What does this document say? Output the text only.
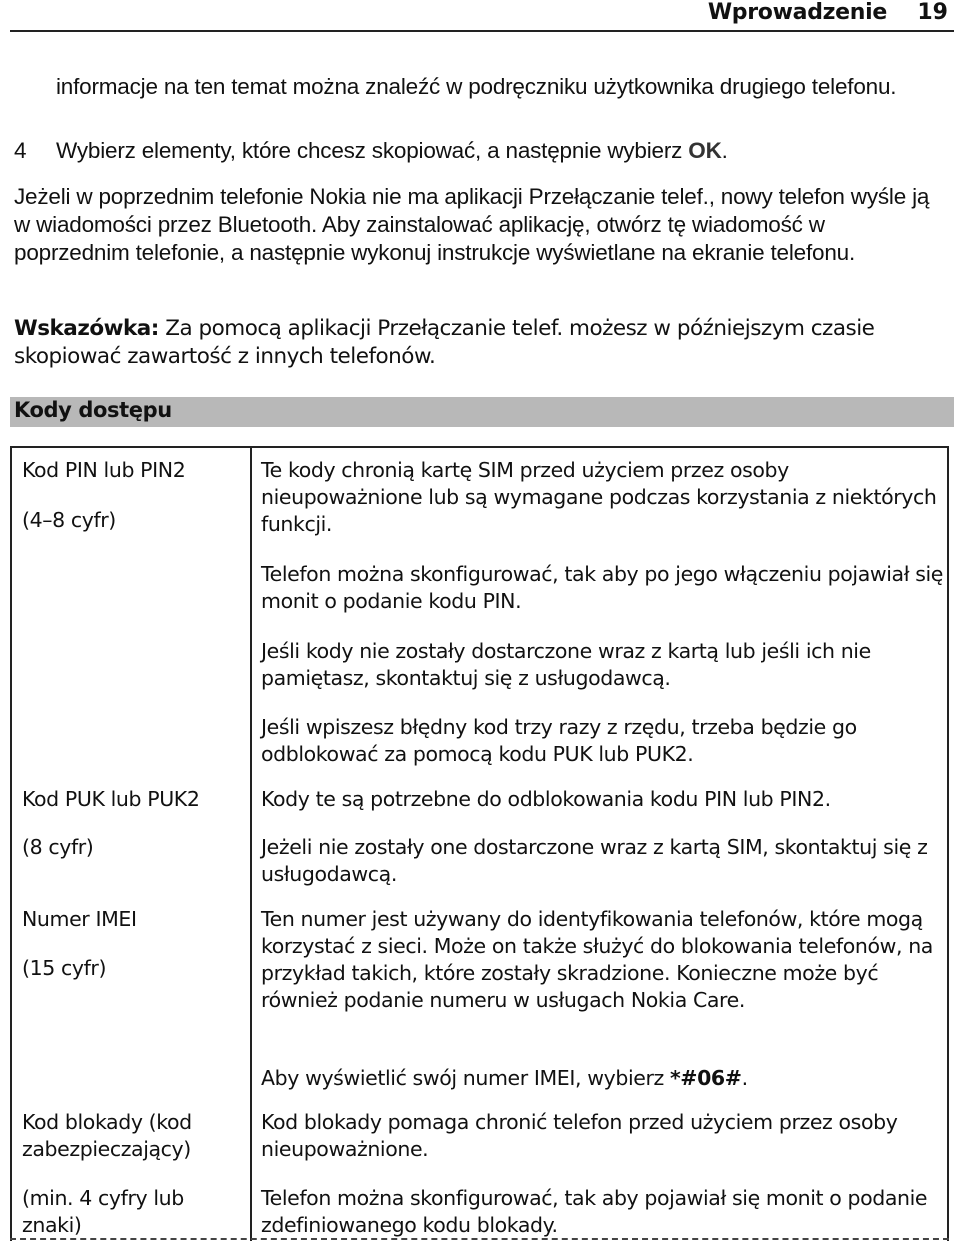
Wprowadzenie 19
informacje na ten temat można znaleźć w podręczniku użytkownika drugiego telefonu.
4 Wybierz elementy, które chcesz skopiować, a następnie wybierz OK.
Jeżeli w poprzednim telefonie Nokia nie ma aplikacji Przełączanie telef., nowy telefon wyśle ją w wiadomości przez Bluetooth. Aby zainstalować aplikację, otwórz tę wiadomość w poprzednim telefonie, a następnie wykonuj instrukcje wyświetlane na ekranie telefonu.
Wskazówka: Za pomocą aplikacji Przełączanie telef. możesz w późniejszym czasie skopiować zawartość z innych telefonów.
Kody dostępu
Kod PIN lub PIN2
(4–8 cyfr)
Te kody chronią kartę SIM przed użyciem przez osoby nieupoważnione lub są wymagane podczas korzystania z niektórych funkcji.
Telefon można skonfigurować, tak aby po jego włączeniu pojawiał się monit o podanie kodu PIN.
Jeśli kody nie zostały dostarczone wraz z kartą lub jeśli ich nie pamiętasz, skontaktuj się z usługodawcą.
Jeśli wpiszesz błędny kod trzy razy z rzędu, trzeba będzie go odblokować za pomocą kodu PUK lub PUK2.
Kod PUK lub PUK2
(8 cyfr)
Kody te są potrzebne do odblokowania kodu PIN lub PIN2.
Jeżeli nie zostały one dostarczone wraz z kartą SIM, skontaktuj się z usługodawcą.
Numer IMEI
(15 cyfr)
Ten numer jest używany do identyfikowania telefonów, które mogą korzystać z sieci. Może on także służyć do blokowania telefonów, na przykład takich, które zostały skradzione. Konieczne może być również podanie numeru w usługach Nokia Care.
Aby wyświetlić swój numer IMEI, wybierz *#06#.
Kod blokady (kod zabezpieczający)
(min. 4 cyfry lub znaki)
Kod blokady pomaga chronić telefon przed użyciem przez osoby nieupoważnione.
Telefon można skonfigurować, tak aby pojawiał się monit o podanie zdefiniowanego kodu blokady.
